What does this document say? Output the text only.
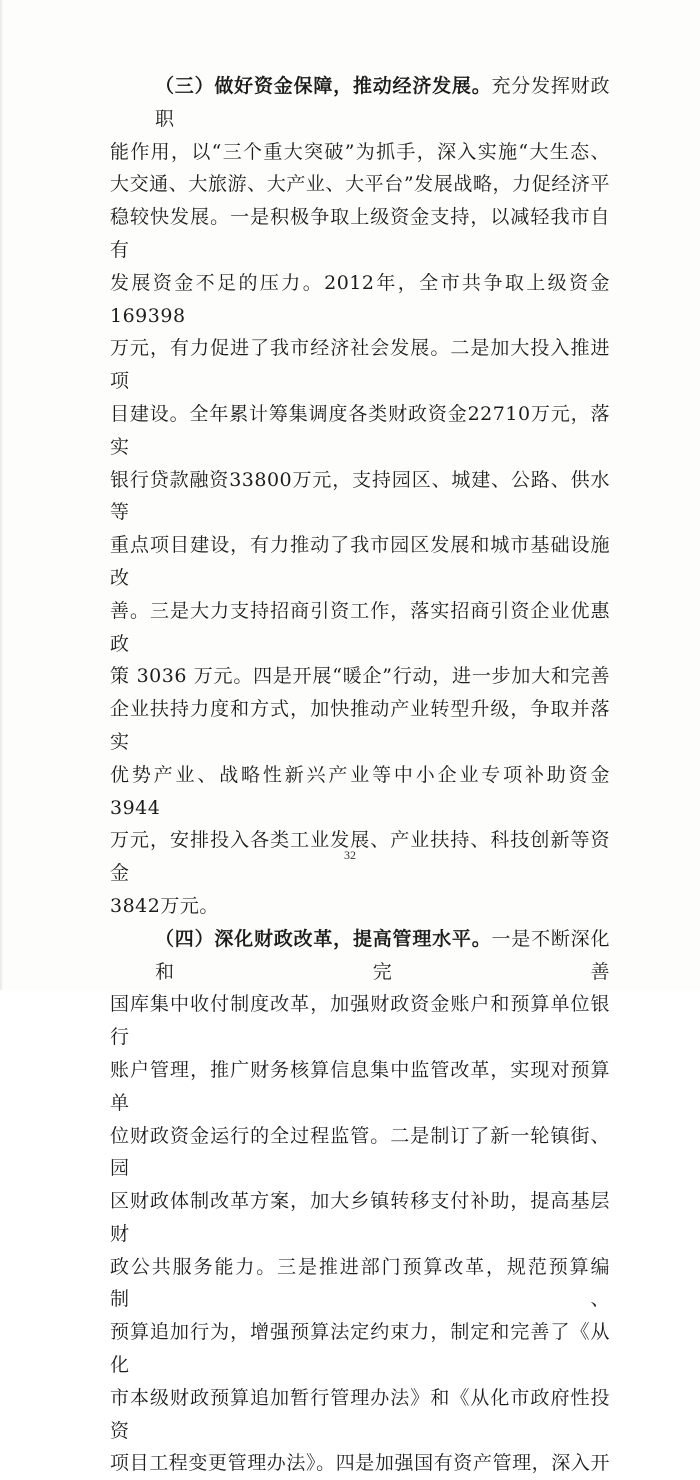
（三）做好资金保障，推动经济发展。充分发挥财政职
能作用，以“三个重大突破”为抓手，深入实施“大生态、
大交通、大旅游、大产业、大平台”发展战略，力促经济平
稳较快发展。一是积极争取上级资金支持，以减轻我市自有
发展资金不足的压力。2012年，全市共争取上级资金169398
万元，有力促进了我市经济社会发展。二是加大投入推进项
目建设。全年累计筹集调度各类财政资金22710万元，落实
银行贷款融资33800万元，支持园区、城建、公路、供水等
重点项目建设，有力推动了我市园区发展和城市基础设施改
善。三是大力支持招商引资工作，落实招商引资企业优惠政
策 3036 万元。四是开展“暖企”行动，进一步加大和完善
企业扶持力度和方式，加快推动产业转型升级，争取并落实
优势产业、战略性新兴产业等中小企业专项补助资金 3944
万元，安排投入各类工业发展、产业扶持、科技创新等资金
3842万元。
（四）深化财政改革，提高管理水平。一是不断深化和完善
国库集中收付制度改革，加强财政资金账户和预算单位银行
账户管理，推广财务核算信息集中监管改革，实现对预算单
位财政资金运行的全过程监管。二是制订了新一轮镇街、园
区财政体制改革方案，加大乡镇转移支付补助，提高基层财
政公共服务能力。三是推进部门预算改革，规范预算编制、
预算追加行为，增强预算法定约束力，制定和完善了《从化
市本级财政预算追加暂行管理办法》和《从化市政府性投资
项目工程变更管理办法》。四是加强国有资产管理，深入开
32
